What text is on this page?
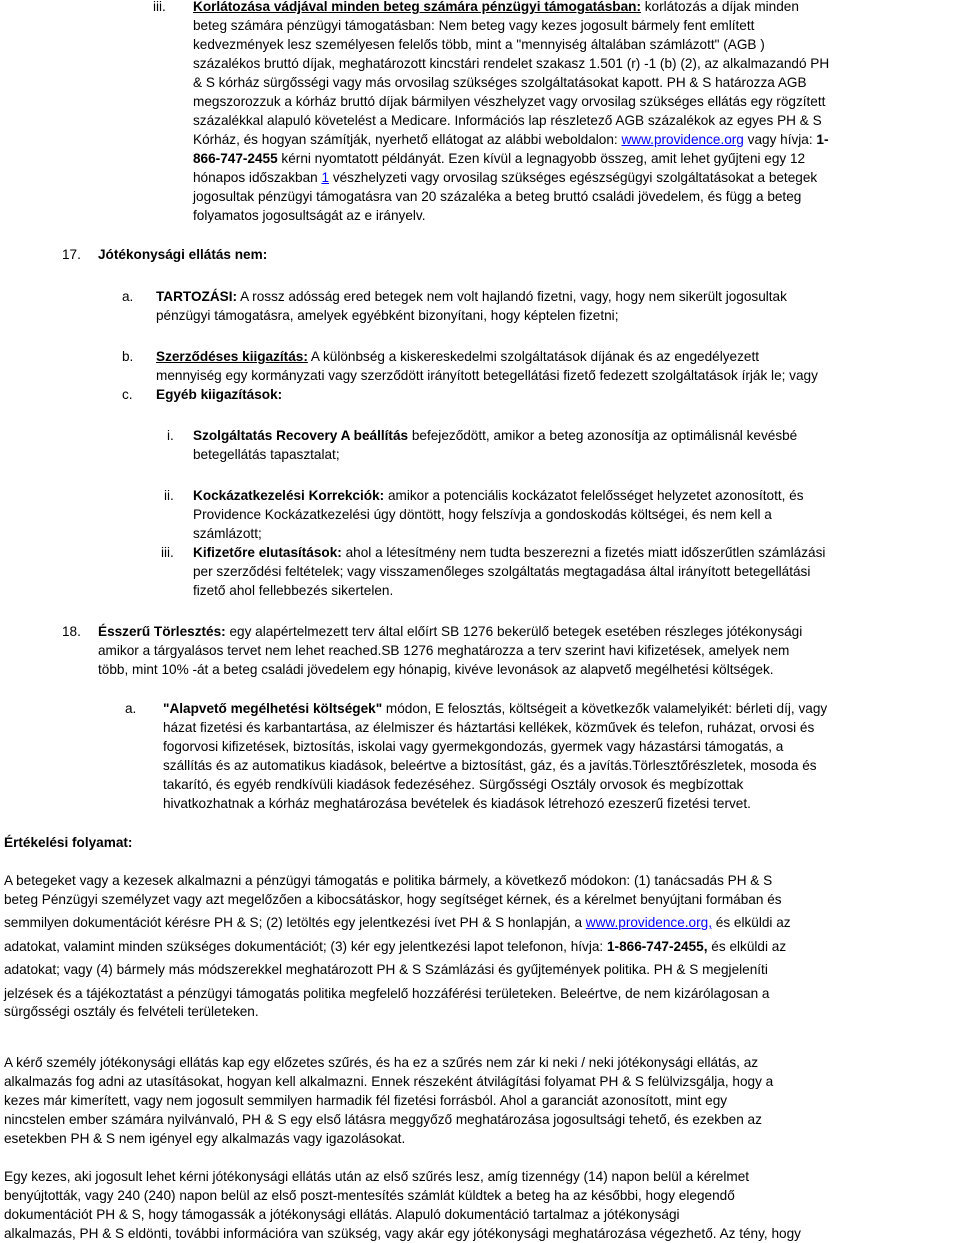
iii. Korlátozása vádjával minden beteg számára pénzügyi támogatásban: korlátozás a díjak minden
beteg számára pénzügyi támogatásban: Nem beteg vagy kezes jogosult bármely fent említett
kedvezmények lesz személyesen felelős több, mint a "mennyiség általában számlázott" (AGB )
százalékos bruttó díjak, meghatározott kincstári rendelet szakasz 1.501 (r) -1 (b) (2), az alkalmazandó PH
& S kórház sürgősségi vagy más orvosilag szükséges szolgáltatásokat kapott. PH & S határozza AGB
megszorozzuk a kórház bruttó díjak bármilyen vészhelyzet vagy orvosilag szükséges ellátás egy rögzített
százalékkal alapuló követelést a Medicare. Információs lap részletező AGB százalékok az egyes PH & S
Kórház, és hogyan számítják, nyerhető ellátogat az alábbi weboldalon: www.providence.org vagy hívja: 1-
866-747-2455 kérni nyomtatott példányát. Ezen kívül a legnagyobb összeg, amit lehet gyűjteni egy 12
hónapos időszakban 1 vészhelyzeti vagy orvosilag szükséges egészségügyi szolgáltatásokat a betegek
jogosultak pénzügyi támogatásra van 20 százaléka a beteg bruttó családi jövedelem, és függ a beteg
folyamatos jogosultságát az e irányelv.
17. Jótékonysági ellátás nem:
a. TARTOZÁSI: A rossz adósság ered betegek nem volt hajlandó fizetni, vagy, hogy nem sikerült jogosultak
pénzügyi támogatásra, amelyek egyébként bizonyítani, hogy képtelen fizetni;
b. Szerződéses kiigazítás: A különbség a kiskereskedelmi szolgáltatások díjának és az engedélyezett
mennyiség egy kormányzati vagy szerződött irányított betegellátási fizető fedezett szolgáltatások írják le; vagy
c. Egyéb kiigazítások:
i. Szolgáltatás Recovery A beállítás befejeződött, amikor a beteg azonosítja az optimálisnál kevésbé
betegellátás tapasztalat;
ii. Kockázatkezelési Korrekciók: amikor a potenciális kockázatot felelősséget helyzetet azonosított, és
Providence Kockázatkezelési úgy döntött, hogy felszívja a gondoskodás költségei, és nem kell a
számlázott;
iii. Kifizetőre elutasítások: ahol a létesítmény nem tudta beszerezni a fizetés miatt időszerűtlen számlázási
per szerződési feltételek; vagy visszamenőleges szolgáltatás megtagadása által irányított betegellátási
fizető ahol fellebbezés sikertelen.
18. Ésszerű Törlesztés: egy alapértelmezett terv által előírt SB 1276 bekerülő betegek esetében részleges jótékonysági
amikor a tárgyalásos tervet nem lehet reached.SB 1276 meghatározza a terv szerint havi kifizetések, amelyek nem
több, mint 10% -át a beteg családi jövedelem egy hónapig, kivéve levonások az alapvető megélhetési költségek.
a. "Alapvető megélhetési költségek" módon, E felosztás, költségeit a következők valamelyikét: bérleti díj, vagy
házat fizetési és karbantartása, az élelmiszer és háztartási kellékek, közművek és telefon, ruházat, orvosi és
fogorvosi kifizetések, biztosítás, iskolai vagy gyermekgondozás, gyermek vagy házastársi támogatás, a
szállítás és az automatikus kiadások, beleértve a biztosítást, gáz, és a javítás.Törlesztőrészletek, mosoda és
takarító, és egyéb rendkívüli kiadások fedezéséhez. Sürgősségi Osztály orvosok és megbízottak
hivatkozhatnak a kórház meghatározása bevételek és kiadások létrehozó ezeszerű fizetési tervet.
Értékelési folyamat:
A betegeket vagy a kezesek alkalmazni a pénzügyi támogatás e politika bármely, a következő módokon: (1) tanácsadás PH & S
beteg Pénzügyi személyzet vagy azt megelőzően a kibocsátáskor, hogy segítséget kérnek, és a kérelmet benyújtani formában és
semmilyen dokumentációt kérésre PH & S; (2) letöltés egy jelentkezési ívet PH & S honlapján, a www.providence.org, és elküldi az
adatokat, valamint minden szükséges dokumentációt; (3) kér egy jelentkezési lapot telefonon, hívja: 1-866-747-2455, és elküldi az
adatokat; vagy (4) bármely más módszerekkel meghatározott PH & S Számlázási és gyűjtemények politika. PH & S megjeleníti
jelzések és a tájékoztatást a pénzügyi támogatás politika megfelelő hozzáférési területeken. Beleértve, de nem kizárólagosan a
sürgősségi osztály és felvételi területeken.
A kérő személy jótékonysági ellátás kap egy előzetes szűrés, és ha ez a szűrés nem zár ki neki / neki jótékonysági ellátás, az
alkalmazás fog adni az utasításokat, hogyan kell alkalmazni. Ennek részeként átvilágítási folyamat PH & S felülvizsgálja, hogy a
kezes már kimerített, vagy nem jogosult semmilyen harmadik fél fizetési forrásból. Ahol a garanciát azonosított, mint egy
nincstelen ember számára nyilvánvaló, PH & S egy első látásra meggyőző meghatározása jogosultsági tehető, és ezekben az
esetekben PH & S nem igényel egy alkalmazás vagy igazolásokat.
Egy kezes, aki jogosult lehet kérni jótékonysági ellátás után az első szűrés lesz, amíg tizennégy (14) napon belül a kérelmet
benyújtották, vagy 240 (240) napon belül az első poszt-mentesítés számlát küldtek a beteg ha az későbbi, hogy elegendő
dokumentációt PH & S, hogy támogassák a jótékonysági ellátás. Alapuló dokumentáció tartalmaz a jótékonysági
alkalmazás, PH & S eldönti, további információra van szükség, vagy akár egy jótékonysági meghatározása végezhető. Az tény, hogy
